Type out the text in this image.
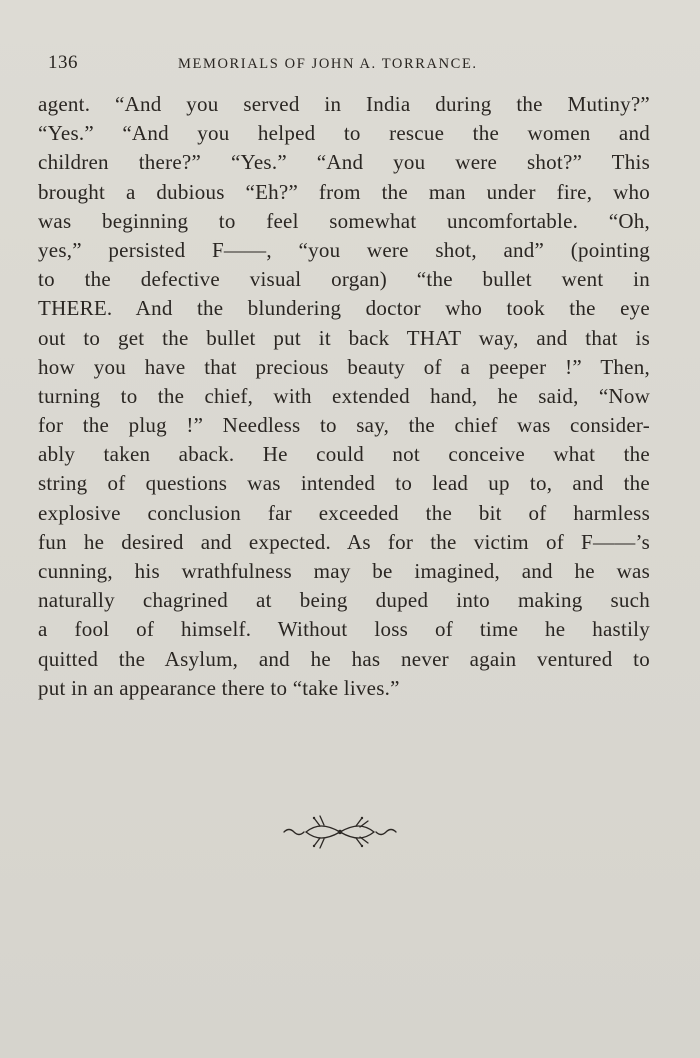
136	MEMORIALS OF JOHN A. TORRANCE.
agent. “And you served in India during the Mutiny?”
“Yes.” “And you helped to rescue the women and
children there?” “Yes.” “And you were shot?” This
brought a dubious “Eh?” from the man under fire, who
was beginning to feel somewhat uncomfortable. “Oh,
yes,” persisted F——, “you were shot, and” (pointing
to the defective visual organ) “the bullet went in
THERE. And the blundering doctor who took the eye
out to get the bullet put it back THAT way, and that is
how you have that precious beauty of a peeper !” Then,
turning to the chief, with extended hand, he said, “Now
for the plug !” Needless to say, the chief was consider-
ably taken aback. He could not conceive what the
string of questions was intended to lead up to, and the
explosive conclusion far exceeded the bit of harmless
fun he desired and expected. As for the victim of F——’s
cunning, his wrathfulness may be imagined, and he was
naturally chagrined at being duped into making such
a fool of himself. Without loss of time he hastily
quitted the Asylum, and he has never again ventured to
put in an appearance there to “take lives.”
